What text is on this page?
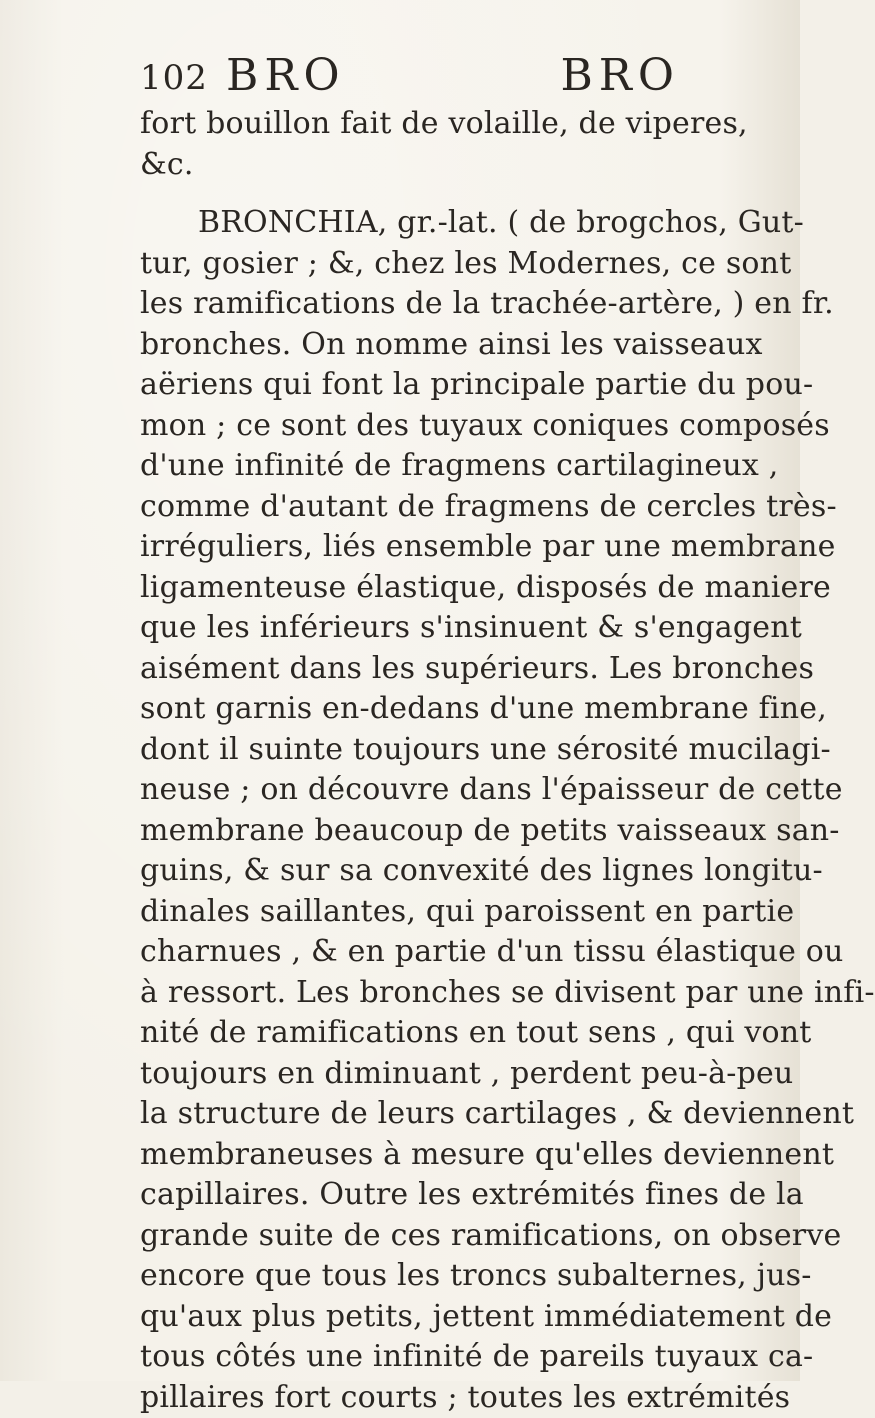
102 BRO	BRO
fort bouillon fait de volaille, de viperes,
&c.
BRONCHIA, gr.-lat. ( de brogchos, Gut-
tur, gosier ; &, chez les Modernes, ce sont
les ramifications de la trachée-artère, ) en fr.
bronches. On nomme ainsi les vaisseaux
aëriens qui font la principale partie du pou-
mon ; ce sont des tuyaux coniques composés
d'une infinité de fragmens cartilagineux ,
comme d'autant de fragmens de cercles très-
irréguliers, liés ensemble par une membrane
ligamenteuse élastique, disposés de maniere
que les inférieurs s'insinuent & s'engagent
aisément dans les supérieurs. Les bronches
sont garnis en-dedans d'une membrane fine,
dont il suinte toujours une sérosité mucilagi-
neuse ; on découvre dans l'épaisseur de cette
membrane beaucoup de petits vaisseaux san-
guins, & sur sa convexité des lignes longitu-
dinales saillantes, qui paroissent en partie
charnues , & en partie d'un tissu élastique ou
à ressort. Les bronches se divisent par une infi-
nité de ramifications en tout sens , qui vont
toujours en diminuant , perdent peu-à-peu
la structure de leurs cartilages , & deviennent
membraneuses à mesure qu'elles deviennent
capillaires. Outre les extrémités fines de la
grande suite de ces ramifications, on observe
encore que tous les troncs subalternes, jus-
qu'aux plus petits, jettent immédiatement de
tous côtés une infinité de pareils tuyaux ca-
pillaires fort courts ; toutes les extrémités
